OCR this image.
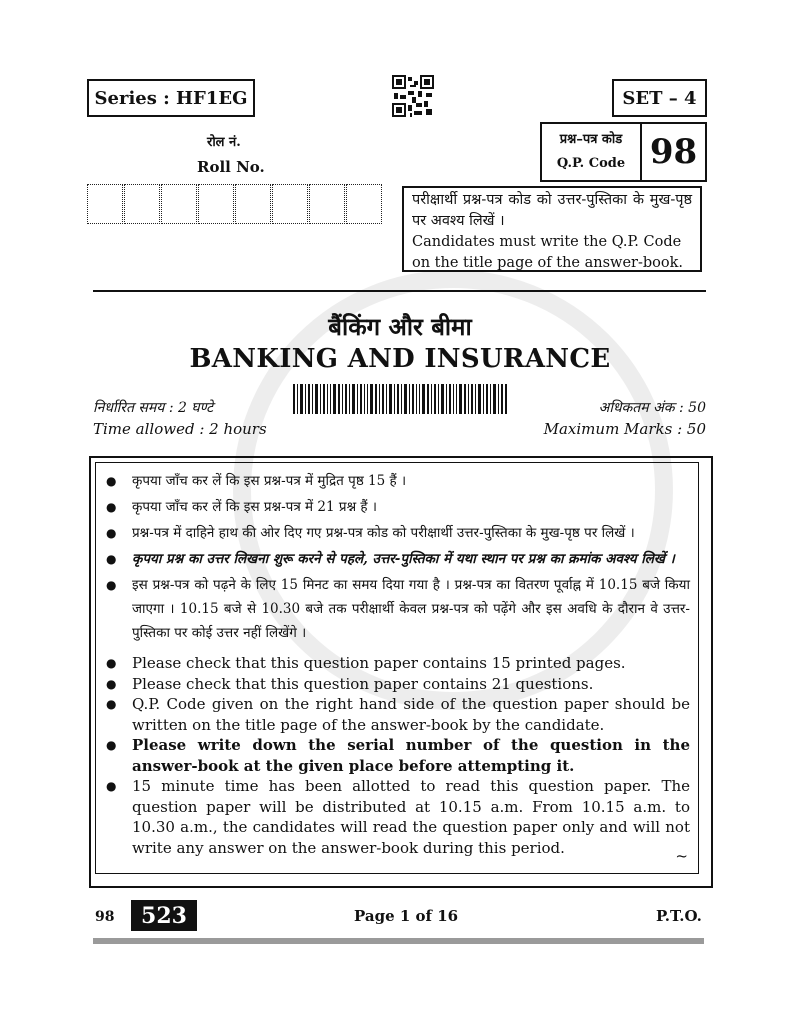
Series : HF1EG	SET – 4
रोल नं.
Roll No.
प्रश्न–पत्र कोड
Q.P. Code 98

परीक्षार्थी प्रश्न-पत्र कोड को उत्तर-पुस्तिका के मुख-पृष्ठ पर अवश्य लिखें ।

Candidates must write the Q.P. Code on the title page of the answer-book.

बैंकिंग और बीमा
BANKING AND INSURANCE
निर्धारित समय : 2 घण्टे
Time allowed : 2 hours
अधिकतम अंक : 50
Maximum Marks : 50
● कृपया जाँच कर लें कि इस प्रश्न-पत्र में मुद्रित पृष्ठ 15 हैं ।
● कृपया जाँच कर लें कि इस प्रश्न-पत्र में 21 प्रश्न हैं ।
● प्रश्न-पत्र में दाहिने हाथ की ओर दिए गए प्रश्न-पत्र कोड को परीक्षार्थी उत्तर-पुस्तिका के मुख-पृष्ठ पर लिखें ।
● कृपया प्रश्न का उत्तर लिखना शुरू करने से पहले, उत्तर-पुस्तिका में यथा स्थान पर प्रश्न का क्रमांक अवश्य लिखें ।
● इस प्रश्न-पत्र को पढ़ने के लिए 15 मिनट का समय दिया गया है । प्रश्न-पत्र का वितरण पूर्वाह्न में 10.15 बजे किया जाएगा । 10.15 बजे से 10.30 बजे तक परीक्षार्थी केवल प्रश्न-पत्र को पढ़ेंगे और इस अवधि के दौरान वे उत्तर-पुस्तिका पर कोई उत्तर नहीं लिखेंगे ।
● Please check that this question paper contains 15 printed pages.
● Please check that this question paper contains 21 questions.
● Q.P. Code given on the right hand side of the question paper should be written on the title page of the answer-book by the candidate.
● Please write down the serial number of the question in the answer-book at the given place before attempting it.
● 15 minute time has been allotted to read this question paper. The question paper will be distributed at 10.15 a.m. From 10.15 a.m. to 10.30 a.m., the candidates will read the question paper only and will not write any answer on the answer-book during this period.	~
98	523	Page 1 of 16	P.T.O.
